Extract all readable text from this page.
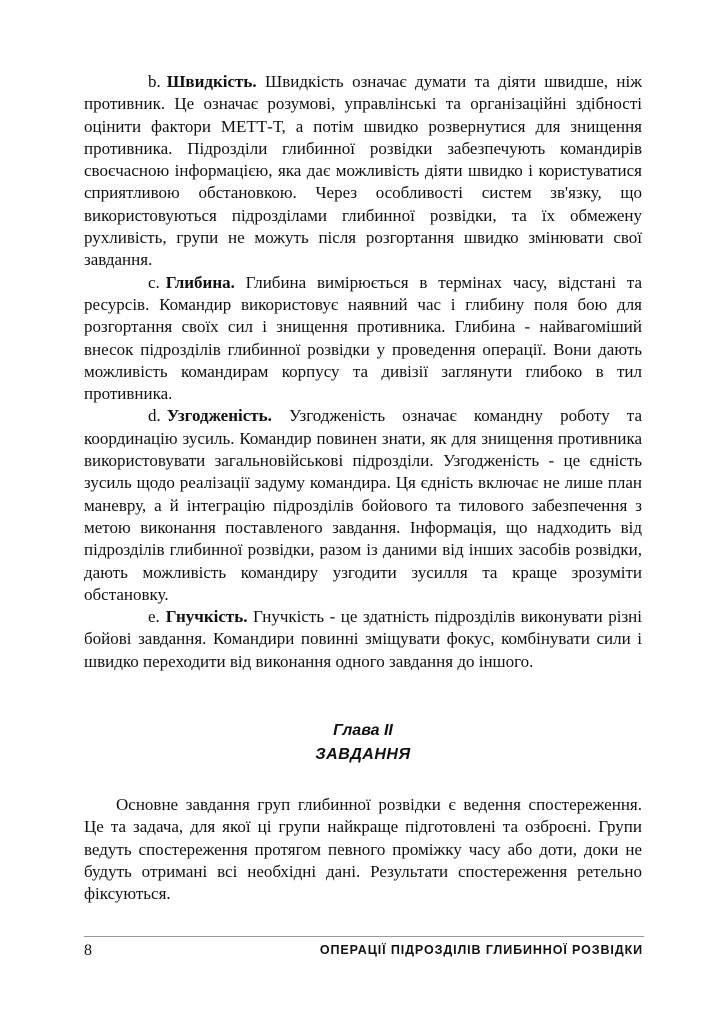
b. Швидкість. Швидкість означає думати та діяти швидше, ніж противник. Це означає розумові, управлінські та організаційні здібності оцінити фактори МЕТТ-Т, а потім швидко розвернутися для знищення противника. Підрозділи глибинної розвідки забезпечують командирів своєчасною інформацією, яка дає можливість діяти швидко і користуватися сприятливою обстановкою. Через особливості систем зв'язку, що використовуються підрозділами глибинної розвідки, та їх обмежену рухливість, групи не можуть після розгортання швидко змінювати свої завдання.

c. Глибина. Глибина вимірюється в термінах часу, відстані та ресурсів. Командир використовує наявний час і глибину поля бою для розгортання своїх сил і знищення противника. Глибина - найвагоміший внесок підрозділів глибинної розвідки у проведення операції. Вони дають можливість командирам корпусу та дивізії заглянути глибоко в тил противника.

d. Узгодженість. Узгодженість означає командну роботу та координацію зусиль. Командир повинен знати, як для знищення противника використовувати загальновійськові підрозділи. Узгодженість - це єдність зусиль щодо реалізації задуму командира. Ця єдність включає не лише план маневру, а й інтеграцію підрозділів бойового та тилового забезпечення з метою виконання поставленого завдання. Інформація, що надходить від підрозділів глибинної розвідки, разом із даними від інших засобів розвідки, дають можливість командиру узгодити зусилля та краще зрозуміти обстановку.

e. Гнучкість. Гнучкість - це здатність підрозділів виконувати різні бойові завдання. Командири повинні зміщувати фокус, комбінувати сили і швидко переходити від виконання одного завдання до іншого.

Глава II
ЗАВДАННЯ

Основне завдання груп глибинної розвідки є ведення спостереження. Це та задача, для якої ці групи найкраще підготовлені та озброєні. Групи ведуть спостереження протягом певного проміжку часу або доти, доки не будуть отримані всі необхідні дані. Результати спостереження ретельно фіксуються.

8	ОПЕРАЦІЇ ПІДРОЗДІЛІВ ГЛИБИННОЇ РОЗВІДКИ
